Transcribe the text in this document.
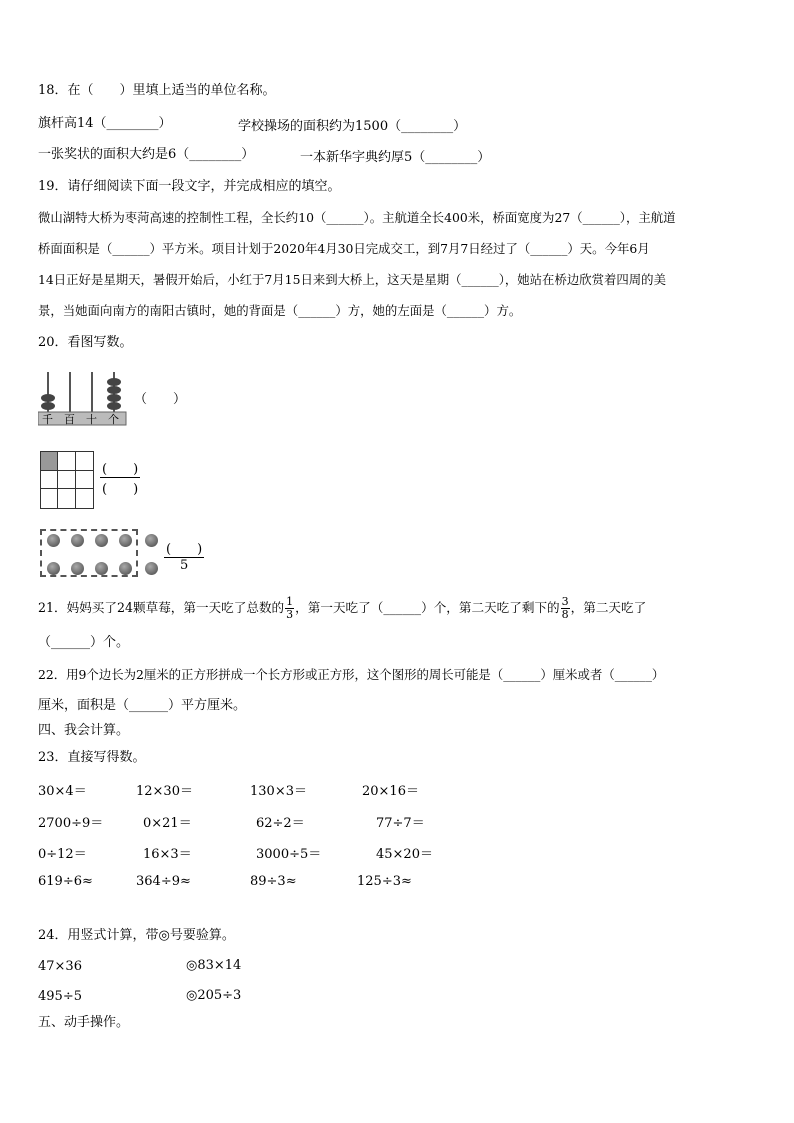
18．在（　　）里填上适当的单位名称。
旗杆高14（________）	学校操场的面积约为1500（________）
一张奖状的面积大约是6（________）	一本新华字典约厚5（________）
19．请仔细阅读下面一段文字，并完成相应的填空。
微山湖特大桥为枣菏高速的控制性工程，全长约10（______）。主航道全长400米，桥面宽度为27（______），主航道
桥面面积是（______）平方米。项目计划于2020年4月30日完成交工，到7月7日经过了（______）天。今年6月
14日正好是星期天，暑假开始后，小红于7月15日来到大桥上，这天是星期（______），她站在桥边欣赏着四周的美
景，当她面向南方的南阳古镇时，她的背面是（______）方，她的左面是（______）方。
20．看图写数。
千 百 十 个
（　　）
(　　)
(　　)
(　　)
5
21．妈妈买了24颗草莓，第一天吃了总数的 $\frac{1}{3}$ ，第一天吃了（______）个，第二天吃了剩下的 $\frac{3}{8}$ ，第二天吃了
（______）个。
22．用9个边长为2厘米的正方形拼成一个长方形或正方形，这个图形的周长可能是（______）厘米或者（______）
厘米，面积是（______）平方厘米。
四、我会计算。
23．直接写得数。
30×4＝	12×30＝	130×3＝	20×16＝
2700÷9＝	0×21＝	62÷2＝	77÷7＝
0÷12＝	16×3＝	3000÷5＝	45×20＝
619÷6≈	364÷9≈	89÷3≈	125÷3≈
24．用竖式计算，带◎号要验算。
47×36	◎83×14
495÷5	◎205÷3
五、动手操作。
